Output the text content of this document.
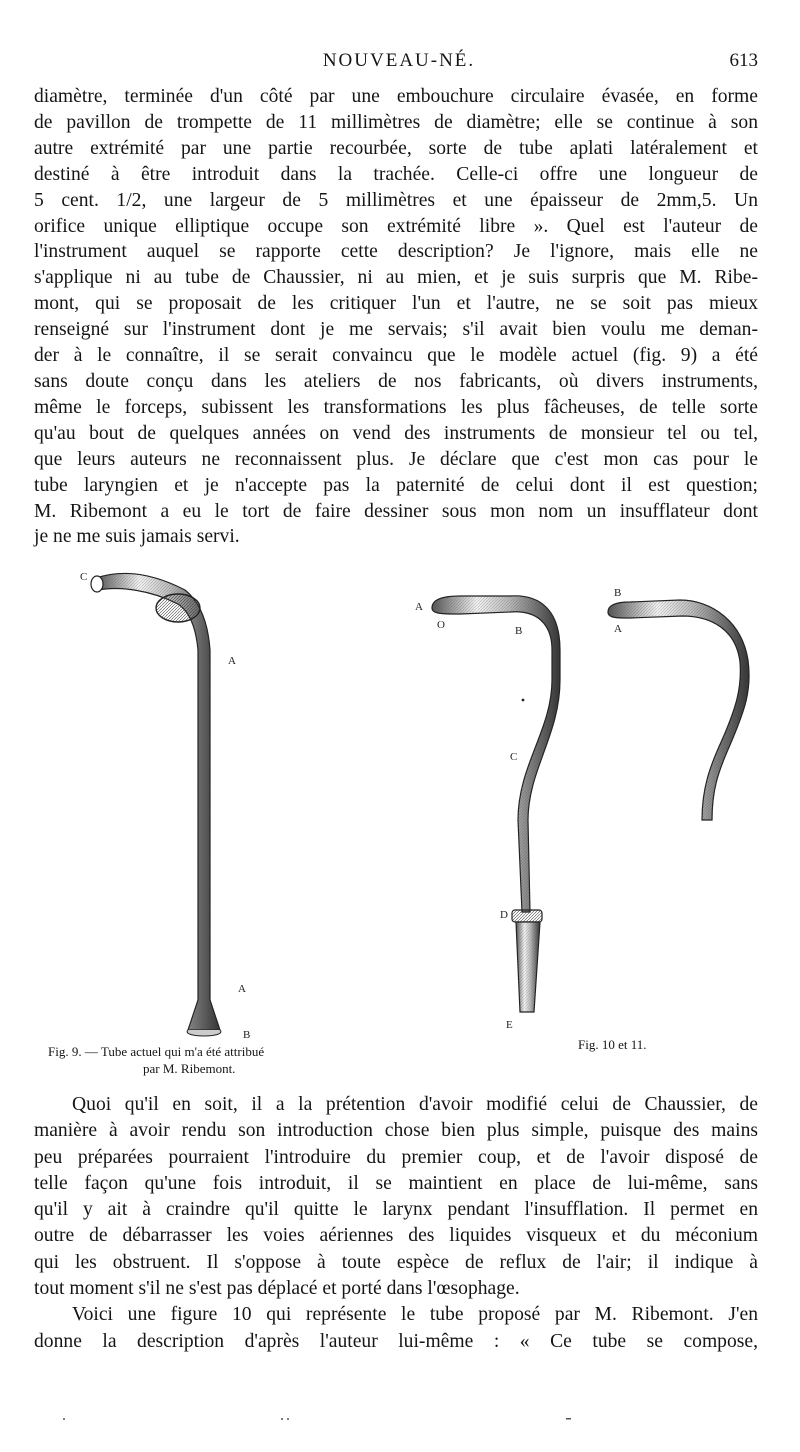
NOUVEAU-NÉ.	613
diamètre, terminée d'un côté par une embouchure circulaire évasée, en forme
de pavillon de trompette de 11 millimètres de diamètre; elle se continue à son
autre extrémité par une partie recourbée, sorte de tube aplati latéralement et
destiné à être introduit dans la trachée. Celle-ci offre une longueur de
5 cent. 1/2, une largeur de 5 millimètres et une épaisseur de 2mm,5. Un
orifice unique elliptique occupe son extrémité libre ». Quel est l'auteur de
l'instrument auquel se rapporte cette description? Je l'ignore, mais elle ne
s'applique ni au tube de Chaussier, ni au mien, et je suis surpris que M. Ribe-
mont, qui se proposait de les critiquer l'un et l'autre, ne se soit pas mieux
renseigné sur l'instrument dont je me servais; s'il avait bien voulu me deman-
der à le connaître, il se serait convaincu que le modèle actuel (fig. 9) a été
sans doute conçu dans les ateliers de nos fabricants, où divers instruments,
même le forceps, subissent les transformations les plus fâcheuses, de telle sorte
qu'au bout de quelques années on vend des instruments de monsieur tel ou tel,
que leurs auteurs ne reconnaissent plus. Je déclare que c'est mon cas pour le
tube laryngien et je n'accepte pas la paternité de celui dont il est question;
M. Ribemont a eu le tort de faire dessiner sous mon nom un insufflateur dont
je ne me suis jamais servi.
C
A
A
B
A
O	B
C
D
E
B
A
Fig. 9. — Tube actuel qui m'a été attribué
par M. Ribemont.
Fig. 10 et 11.
Quoi qu'il en soit, il a la prétention d'avoir modifié celui de Chaussier, de
manière à avoir rendu son introduction chose bien plus simple, puisque des mains
peu préparées pourraient l'introduire du premier coup, et de l'avoir disposé de
telle façon qu'une fois introduit, il se maintient en place de lui-même, sans
qu'il y ait à craindre qu'il quitte le larynx pendant l'insufflation. Il permet en
outre de débarrasser les voies aériennes des liquides visqueux et du méconium
qui les obstruent. Il s'oppose à toute espèce de reflux de l'air; il indique à
tout moment s'il ne s'est pas déplacé et porté dans l'œsophage.
Voici une figure 10 qui représente le tube proposé par M. Ribemont. J'en
donne la description d'après l'auteur lui-même : « Ce tube se compose,
